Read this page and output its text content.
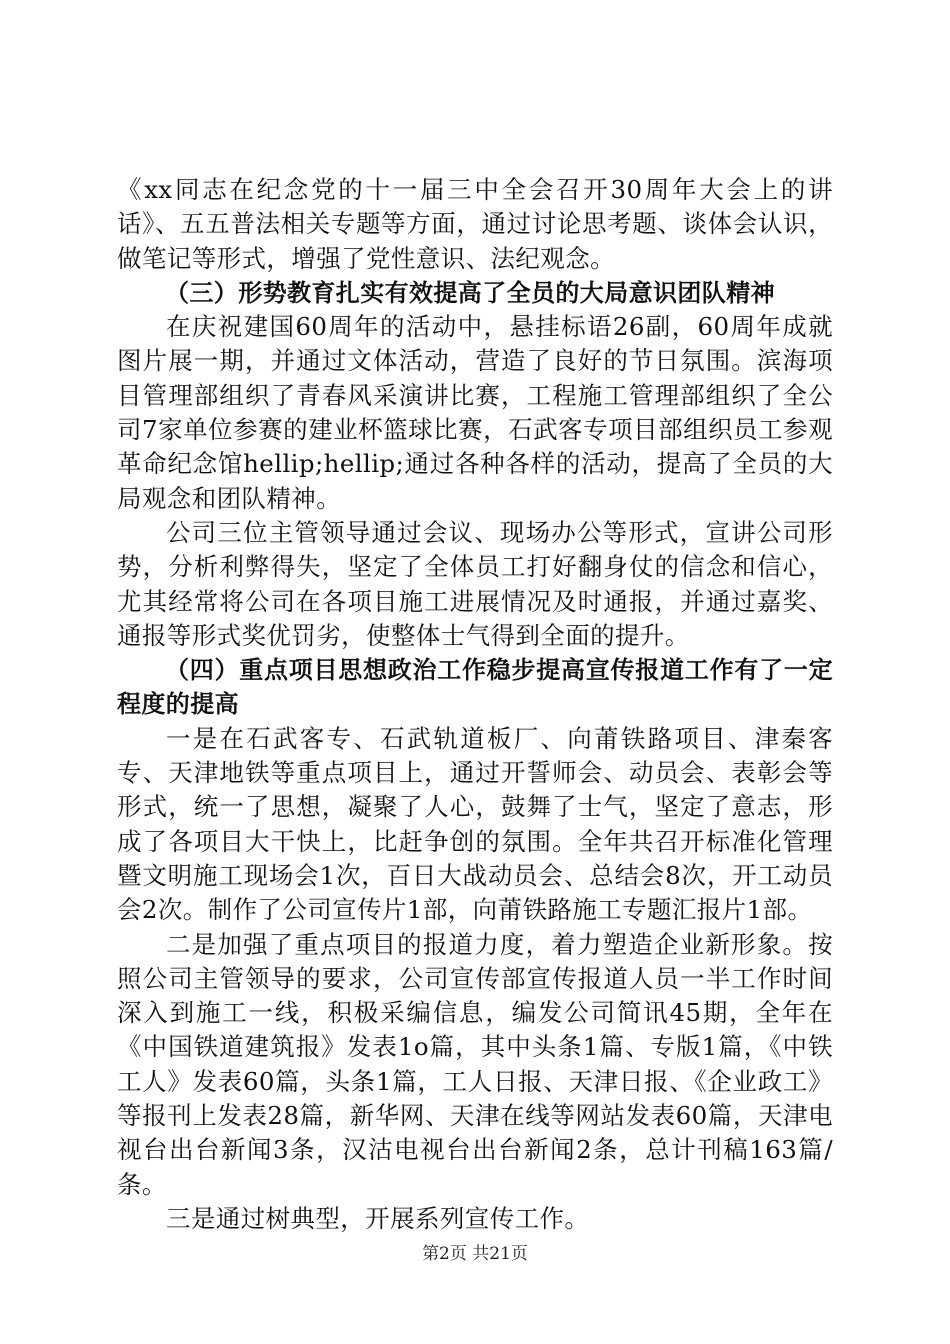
《xx同志在纪念党的十一届三中全会召开30周年大会上的讲话》、五五普法相关专题等方面，通过讨论思考题、谈体会认识，做笔记等形式，增强了党性意识、法纪观念。

（三）形势教育扎实有效提高了全员的大局意识团队精神

在庆祝建国60周年的活动中，悬挂标语26副，60周年成就图片展一期，并通过文体活动，营造了良好的节日氛围。滨海项目管理部组织了青春风采演讲比赛，工程施工管理部组织了全公司7家单位参赛的建业杯篮球比赛，石武客专项目部组织员工参观革命纪念馆hellip;hellip;通过各种各样的活动，提高了全员的大局观念和团队精神。

公司三位主管领导通过会议、现场办公等形式，宣讲公司形势，分析利弊得失，坚定了全体员工打好翻身仗的信念和信心，尤其经常将公司在各项目施工进展情况及时通报，并通过嘉奖、通报等形式奖优罚劣，使整体士气得到全面的提升。

（四）重点项目思想政治工作稳步提高宣传报道工作有了一定程度的提高

一是在石武客专、石武轨道板厂、向莆铁路项目、津秦客专、天津地铁等重点项目上，通过开誓师会、动员会、表彰会等形式，统一了思想，凝聚了人心，鼓舞了士气，坚定了意志，形成了各项目大干快上，比赶争创的氛围。全年共召开标准化管理暨文明施工现场会1次，百日大战动员会、总结会8次，开工动员会2次。制作了公司宣传片1部，向莆铁路施工专题汇报片1部。

二是加强了重点项目的报道力度，着力塑造企业新形象。按照公司主管领导的要求，公司宣传部宣传报道人员一半工作时间深入到施工一线，积极采编信息，编发公司简讯45期，全年在《中国铁道建筑报》发表1o篇，其中头条1篇、专版1篇，《中铁工人》发表60篇，头条1篇，工人日报、天津日报、《企业政工》等报刊上发表28篇，新华网、天津在线等网站发表60篇，天津电视台出台新闻3条，汉沽电视台出台新闻2条，总计刊稿163篇/条。

三是通过树典型，开展系列宣传工作。

第2页 共21页
